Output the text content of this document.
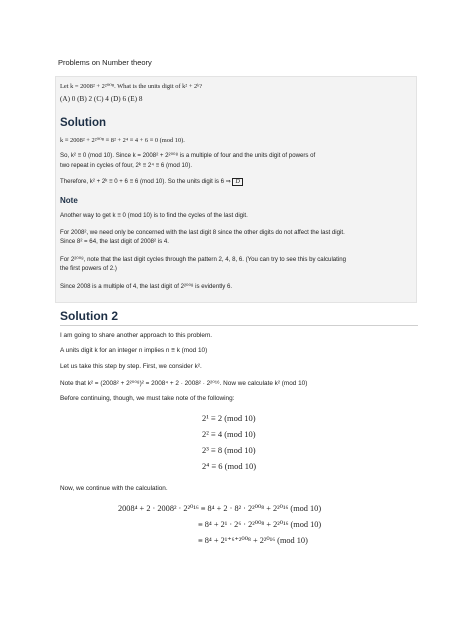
Problems on Number theory
Let k = 2008² + 2²⁰⁰⁸. What is the units digit of k² + 2ᵏ?
(A) 0 (B) 2 (C) 4 (D) 6 (E) 8
Solution
k ≡ 2008² + 2²⁰⁰⁸ ≡ 8² + 2⁴ ≡ 4 + 6 ≡ 0 (mod 10).
So, k² ≡ 0 (mod 10). Since k = 2008² + 2²⁰⁰⁸ is a multiple of four and the units digit of powers of
two repeat in cycles of four, 2ᵏ ≡ 2⁴ ≡ 6 (mod 10).
Therefore, k² + 2ᵏ ≡ 0 + 6 ≡ 6 (mod 10). So the units digit is 6 ⇒ D
Note
Another way to get k ≡ 0 (mod 10) is to find the cycles of the last digit.
For 2008², we need only be concerned with the last digit 8 since the other digits do not affect the last digit.
Since 8² = 64, the last digit of 2008² is 4.
For 2²⁰⁰⁸, note that the last digit cycles through the pattern 2, 4, 8, 6. (You can try to see this by calculating
the first powers of 2.)
Since 2008 is a multiple of 4, the last digit of 2²⁰⁰⁸ is evidently 6.
Solution 2
I am going to share another approach to this problem.
A units digit k for an integer n implies n ≡ k (mod 10)
Let us take this step by step. First, we consider k².
Note that k² = (2008² + 2²⁰⁰⁸)² = 2008⁴ + 2 · 2008² · 2²⁰¹⁶. Now we calculate k² (mod 10)
Before continuing, though, we must take note of the following:
2¹ ≡ 2 (mod 10)
2² ≡ 4 (mod 10)
2³ ≡ 8 (mod 10)
2⁴ ≡ 6 (mod 10)
Now, we continue with the calculation.
2008⁴ + 2 · 2008² · 2²⁰¹⁶ ≡ 8⁴ + 2 · 8² · 2²⁰⁰⁸ + 2²⁰¹⁶ (mod 10)
≡ 8⁴ + 2¹ · 2⁶ · 2²⁰⁰⁸ + 2²⁰¹⁶ (mod 10)
≡ 8⁴ + 2¹⁺⁶⁺²⁰⁰⁸ + 2²⁰¹⁶ (mod 10)
